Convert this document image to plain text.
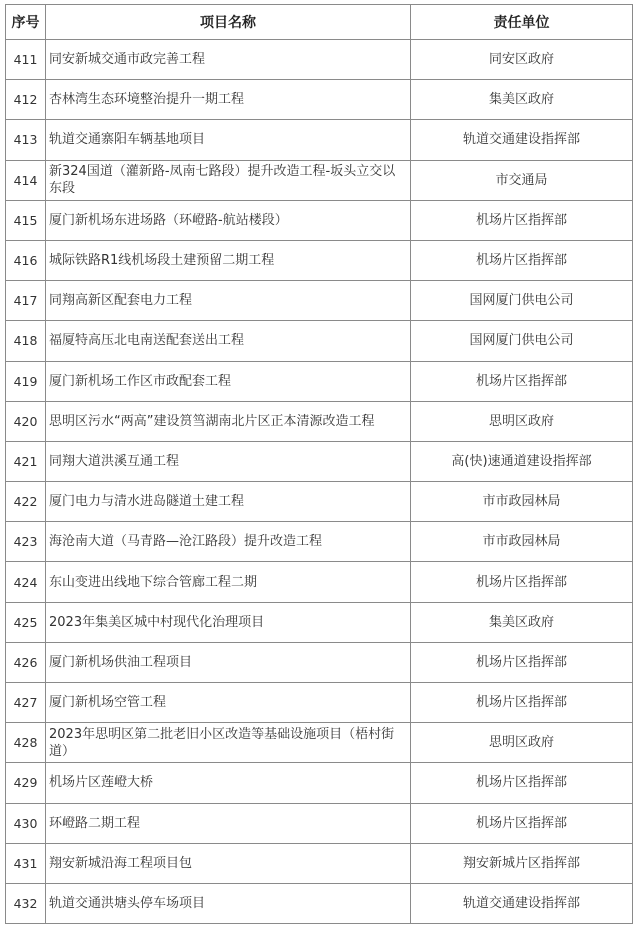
序号	项目名称	责任单位
411	同安新城交通市政完善工程	同安区政府
412	杏林湾生态环境整治提升一期工程	集美区政府
413	轨道交通寨阳车辆基地项目	轨道交通建设指挥部
414	新324国道（灌新路-凤南七路段）提升改造工程-坂头立交以东段	市交通局
415	厦门新机场东进场路（环嶝路-航站楼段）	机场片区指挥部
416	城际铁路R1线机场段土建预留二期工程	机场片区指挥部
417	同翔高新区配套电力工程	国网厦门供电公司
418	福厦特高压北电南送配套送出工程	国网厦门供电公司
419	厦门新机场工作区市政配套工程	机场片区指挥部
420	思明区污水“两高”建设筼筜湖南北片区正本清源改造工程	思明区政府
421	同翔大道洪溪互通工程	高(快)速通道建设指挥部
422	厦门电力与清水进岛隧道土建工程	市市政园林局
423	海沧南大道（马青路—沧江路段）提升改造工程	市市政园林局
424	东山变进出线地下综合管廊工程二期	机场片区指挥部
425	2023年集美区城中村现代化治理项目	集美区政府
426	厦门新机场供油工程项目	机场片区指挥部
427	厦门新机场空管工程	机场片区指挥部
428	2023年思明区第二批老旧小区改造等基础设施项目（梧村街道）	思明区政府
429	机场片区莲嶝大桥	机场片区指挥部
430	环嶝路二期工程	机场片区指挥部
431	翔安新城沿海工程项目包	翔安新城片区指挥部
432	轨道交通洪塘头停车场项目	轨道交通建设指挥部
